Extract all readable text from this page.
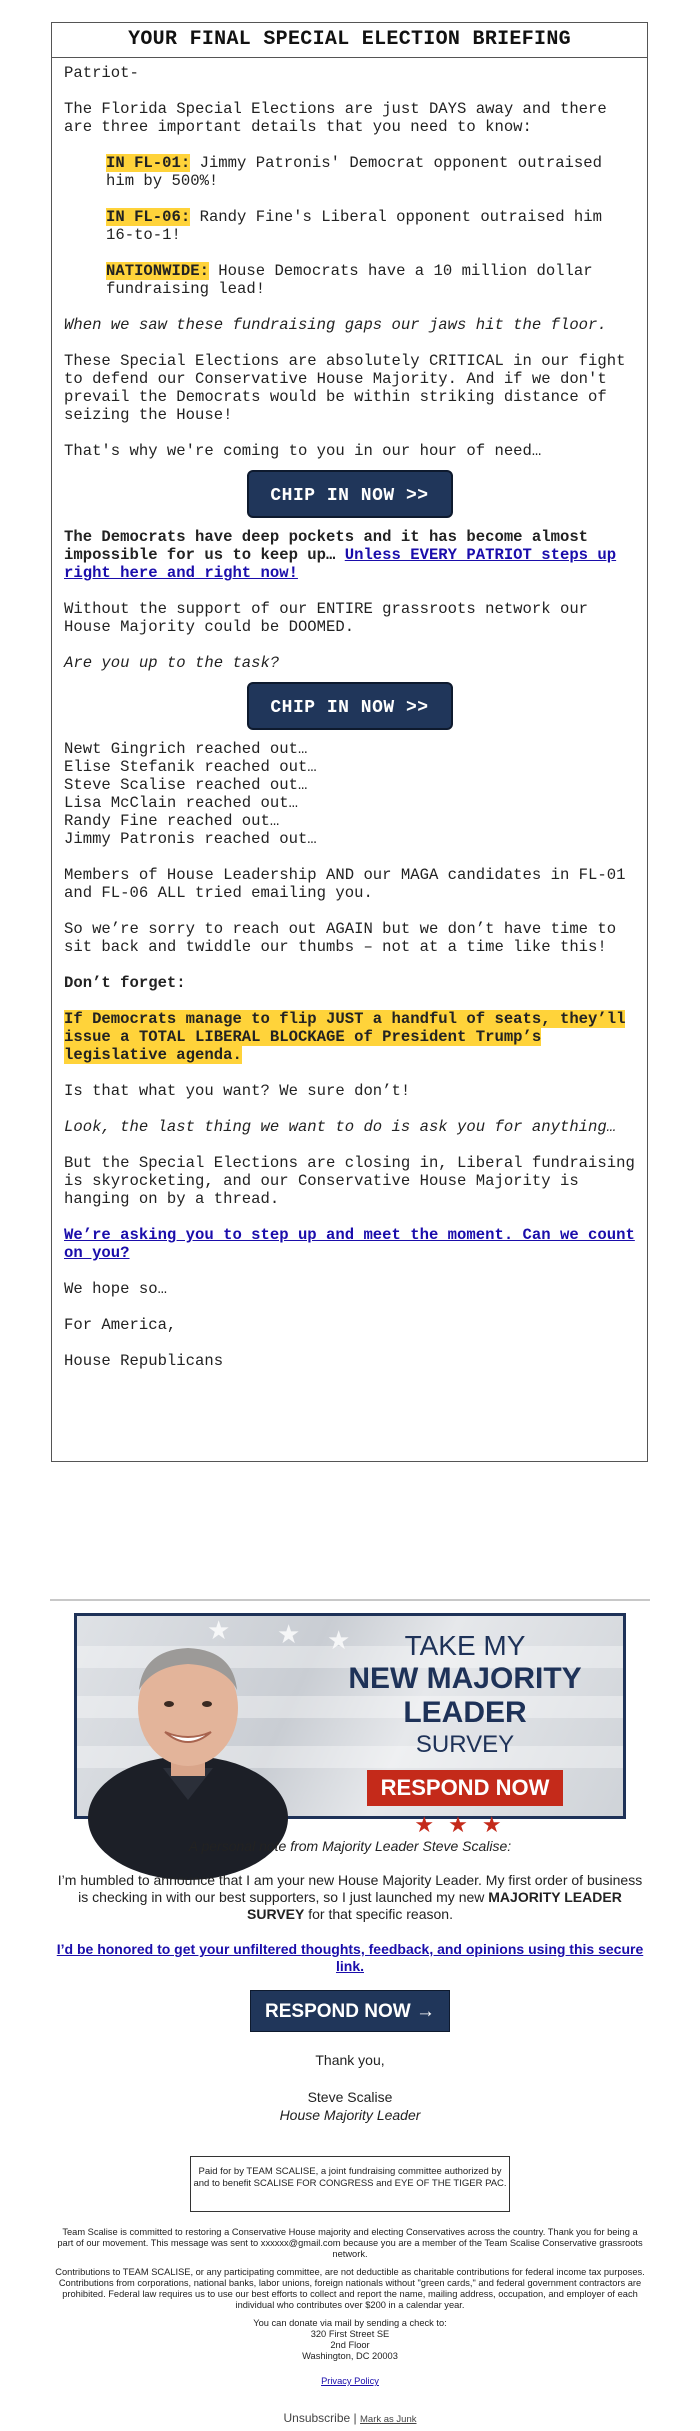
YOUR FINAL SPECIAL ELECTION BRIEFING

Patriot-

The Florida Special Elections are just DAYS away and there are three important details that you need to know:

IN FL-01: Jimmy Patronis' Democrat opponent outraised him by 500%!

IN FL-06: Randy Fine's Liberal opponent outraised him 16-to-1!

NATIONWIDE: House Democrats have a 10 million dollar fundraising lead!

When we saw these fundraising gaps our jaws hit the floor.

These Special Elections are absolutely CRITICAL in our fight to defend our Conservative House Majority. And if we don't prevail the Democrats would be within striking distance of seizing the House!

That's why we're coming to you in our hour of need…

CHIP IN NOW >>

The Democrats have deep pockets and it has become almost impossible for us to keep up… Unless EVERY PATRIOT steps up right here and right now!

Without the support of our ENTIRE grassroots network our House Majority could be DOOMED.

Are you up to the task?

CHIP IN NOW >>

Newt Gingrich reached out…

Elise Stefanik reached out…

Steve Scalise reached out…

Lisa McClain reached out…

Randy Fine reached out…

Jimmy Patronis reached out…

Members of House Leadership AND our MAGA candidates in FL-01 and FL-06 ALL tried emailing you.

So we’re sorry to reach out AGAIN but we don’t have time to sit back and twiddle our thumbs – not at a time like this!

Don’t forget:

If Democrats manage to flip JUST a handful of seats, they’ll issue a TOTAL LIBERAL BLOCKAGE of President Trump’s legislative agenda.

Is that what you want? We sure don’t!

Look, the last thing we want to do is ask you for anything…

But the Special Elections are closing in, Liberal fundraising is skyrocketing, and our Conservative House Majority is hanging on by a thread.

We’re asking you to step up and meet the moment. Can we count on you?

We hope so…

For America,

House Republicans

★ ★
★	TAKE MY
NEW MAJORITY LEADER
SURVEY
RESPOND NOW
★★★
A personal note from Majority Leader Steve Scalise:
I’m humbled to announce that I am your new House Majority Leader. My first order of business is checking in with our best supporters, so I just launched my new MAJORITY LEADER SURVEY for that specific reason.
I’d be honored to get your unfiltered thoughts, feedback, and opinions using this secure link.
RESPOND NOW →
Thank you,
Steve Scalise
House Majority Leader
Paid for by TEAM SCALISE, a joint fundraising committee authorized by and to benefit SCALISE FOR CONGRESS and EYE OF THE TIGER PAC.
Team Scalise is committed to restoring a Conservative House majority and electing Conservatives across the country. Thank you for being a part of our movement. This message was sent to xxxxxx@gmail.com because you are a member of the Team Scalise Conservative grassroots network.
Contributions to TEAM SCALISE, or any participating committee, are not deductible as charitable contributions for federal income tax purposes. Contributions from corporations, national banks, labor unions, foreign nationals without "green cards," and federal government contractors are prohibited. Federal law requires us to use our best efforts to collect and report the name, mailing address, occupation, and employer of each individual who contributes over $200 in a calendar year.
You can donate via mail by sending a check to:
320 First Street SE
2nd Floor
Washington, DC 20003
Privacy Policy
Unsubscribe | Mark as Junk
